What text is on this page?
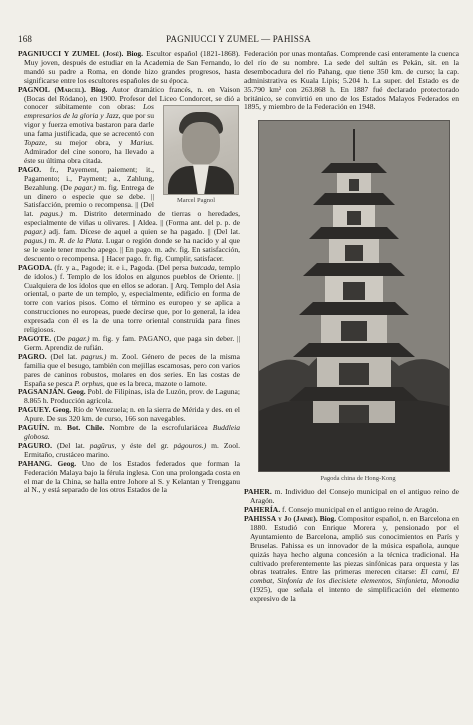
168	PAGNIUCCI Y ZUMEL — PAHISSA

PAGNIUCCI Y ZUMEL (José). Biog. Escultor español (1821-1868). Muy joven, después de estudiar en la Academia de San Fernando, lo mandó su padre a Roma, en donde hizo grandes progresos, hasta significarse entre los escultores españoles de su época.

PAGNOL (Marcel). Biog. Autor dramático francés, n. en Vaison (Bocas del Ródano), en 1900. Profesor del Liceo Condorcet, se dió a conocer súbitamente con obras:
Marcel Pagnol
Los empresarios de la gloria y Jazz, que por su vigor y fuerza emotiva bastaron para darle una fama justificada, que se acrecentó con Topaze, su mejor obra, y Marius. Admirador del cine sonoro, ha llevado a éste su última obra citada.

PAGO. fr., Payement, paiement; it., Pagamento; i., Payment; a., Zahlung, Bezahlung. (De pagar.) m. fig. Entrega de un dinero o especie que se debe. || Satisfacción, premio o recompensa. || (Del lat. pagus.) m. Distrito determinado de tierras o heredades, especialmente de viñas u olivares. || Aldea. || (Forma ant. del p. p. de pagar.) adj. fam. Dícese de aquel a quien se ha pagado. || (Del lat. pagus.) m. R. de la Plata. Lugar o región donde se ha nacido y al que se le suele tener mucho apego. || En pago. m. adv. fig. En satisfacción, descuento o recompensa. || Hacer pago. fr. fig. Cumplir, satisfacer.

PAGODA. (fr. y a., Pagode; it. e i., Pagoda. (Del persa butcada, templo de ídolos.) f. Templo de los ídolos en algunos pueblos de Oriente. || Cualquiera de los ídolos que en ellos se adoran. || Arq. Templo del Asia oriental, o parte de un templo, y, especialmente, edificio en forma de torre con varios pisos. Como el término es europeo y se aplica a construcciones no europeas, puede decirse que, por lo general, la idea expresada con él es la de una torre oriental construída para fines religiosos.

PAGOTE. (De pagar.) m. fig. y fam. PAGANO, que paga sin deber. || Germ. Aprendiz de rufián.

PAGRO. (Del lat. pagrus.) m. Zool. Género de peces de la misma familia que el besugo, también con mejillas escamosas, pero con varios pares de caninos robustos, molares en dos series. En las costas de España se pesca P. orphus, que es la breca, mazote o lamote.

PAGSANJÁN. Geog. Pobl. de Filipinas, isla de Luzón, prov. de Laguna; 8.865 h. Producción agrícola.

PAGUEY. Geog. Río de Venezuela; n. en la sierra de Mérida y des. en el Apure. De sus 320 km. de curso, 166 son navegables.

PAGUÍN. m. Bot. Chile. Nombre de la escrofulariácea Buddleia globosa.

PAGURO. (Del lat. pagūrus, y éste del gr. págouros.) m. Zool. Ermitaño, crustáceo marino.

PAHANG. Geog. Uno de los Estados federados que forman la Federación Malaya bajo la férula inglesa. Con una prolongada costa en el mar de la China, se halla entre Johore al S. y Kelantan y Trengganu al N., y está separado de los otros Estados de la

Federación por unas montañas. Comprende casi enteramente la cuenca del río de su nombre. La sede del sultán es Pekán, sit. en la desembocadura del río Pahang, que tiene 350 km. de curso; la cap. administrativa es Kuala Lipis; 5.204 h. La super. del Estado es de 35.790 km² con 263.868 h. En 1887 fué declarado protectorado británico, se convirtió en uno de los Estados Malayos Federados en 1895, y miembro de la Federación en 1948.

Pagoda china de Hong-Kong

PAHER. m. Individuo del Consejo municipal en el antiguo reino de Aragón.

PAHERÍA. f. Consejo municipal en el antiguo reino de Aragón.

PAHISSA y Jo (Jaime). Biog. Compositor español, n. en Barcelona en 1880. Estudió con Enrique Morera y, pensionado por el Ayuntamiento de Barcelona, amplió sus conocimientos en París y Bruselas. Pahissa es un innovador de la música española, aunque quizás haya hecho alguna concesión a la técnica tradicional. Ha cultivado preferentemente las piezas sinfónicas para orquesta y las obras teatrales. Entre las primeras merecen citarse: El camí, El combat, Sinfonía de los diecisiete elementos, Sinfonieta, Monodia (1925), que señala el intento de simplificación del elemento expresivo de la
